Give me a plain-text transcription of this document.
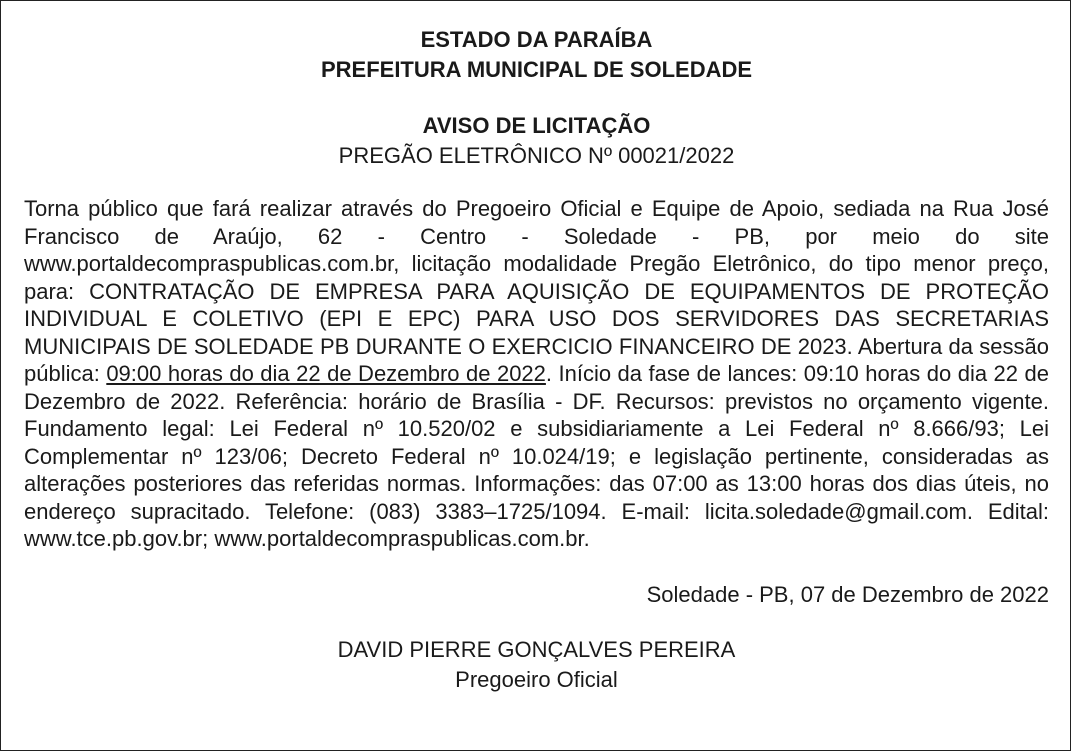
ESTADO DA PARAÍBA

PREFEITURA MUNICIPAL DE SOLEDADE

AVISO DE LICITAÇÃO

PREGÃO ELETRÔNICO Nº 00021/2022

Torna público que fará realizar através do Pregoeiro Oficial e Equipe de Apoio, sediada na Rua José Francisco de Araújo, 62 - Centro - Soledade - PB, por meio do site www.portaldecompraspublicas.com.br, licitação modalidade Pregão Eletrônico, do tipo menor preço, para: CONTRATAÇÃO DE EMPRESA PARA AQUISIÇÃO DE EQUIPAMENTOS DE PROTEÇÃO INDIVIDUAL E COLETIVO (EPI E EPC) PARA USO DOS SERVIDORES DAS SECRETARIAS MUNICIPAIS DE SOLEDADE PB DURANTE O EXERCICIO FINANCEIRO DE 2023. Abertura da sessão pública: 09:00 horas do dia 22 de Dezembro de 2022. Início da fase de lances: 09:10 horas do dia 22 de Dezembro de 2022. Referência: horário de Brasília - DF. Recursos: previstos no orçamento vigente. Fundamento legal: Lei Federal nº 10.520/02 e subsidiariamente a Lei Federal nº 8.666/93; Lei Complementar nº 123/06; Decreto Federal nº 10.024/19; e legislação pertinente, consideradas as alterações posteriores das referidas normas. Informações: das 07:00 as 13:00 horas dos dias úteis, no endereço supracitado. Telefone: (083) 3383–1725/1094. E-mail: licita.soledade@gmail.com. Edital: www.tce.pb.gov.br; www.portaldecompraspublicas.com.br.

Soledade - PB, 07 de Dezembro de 2022

DAVID PIERRE GONÇALVES PEREIRA

Pregoeiro Oficial
